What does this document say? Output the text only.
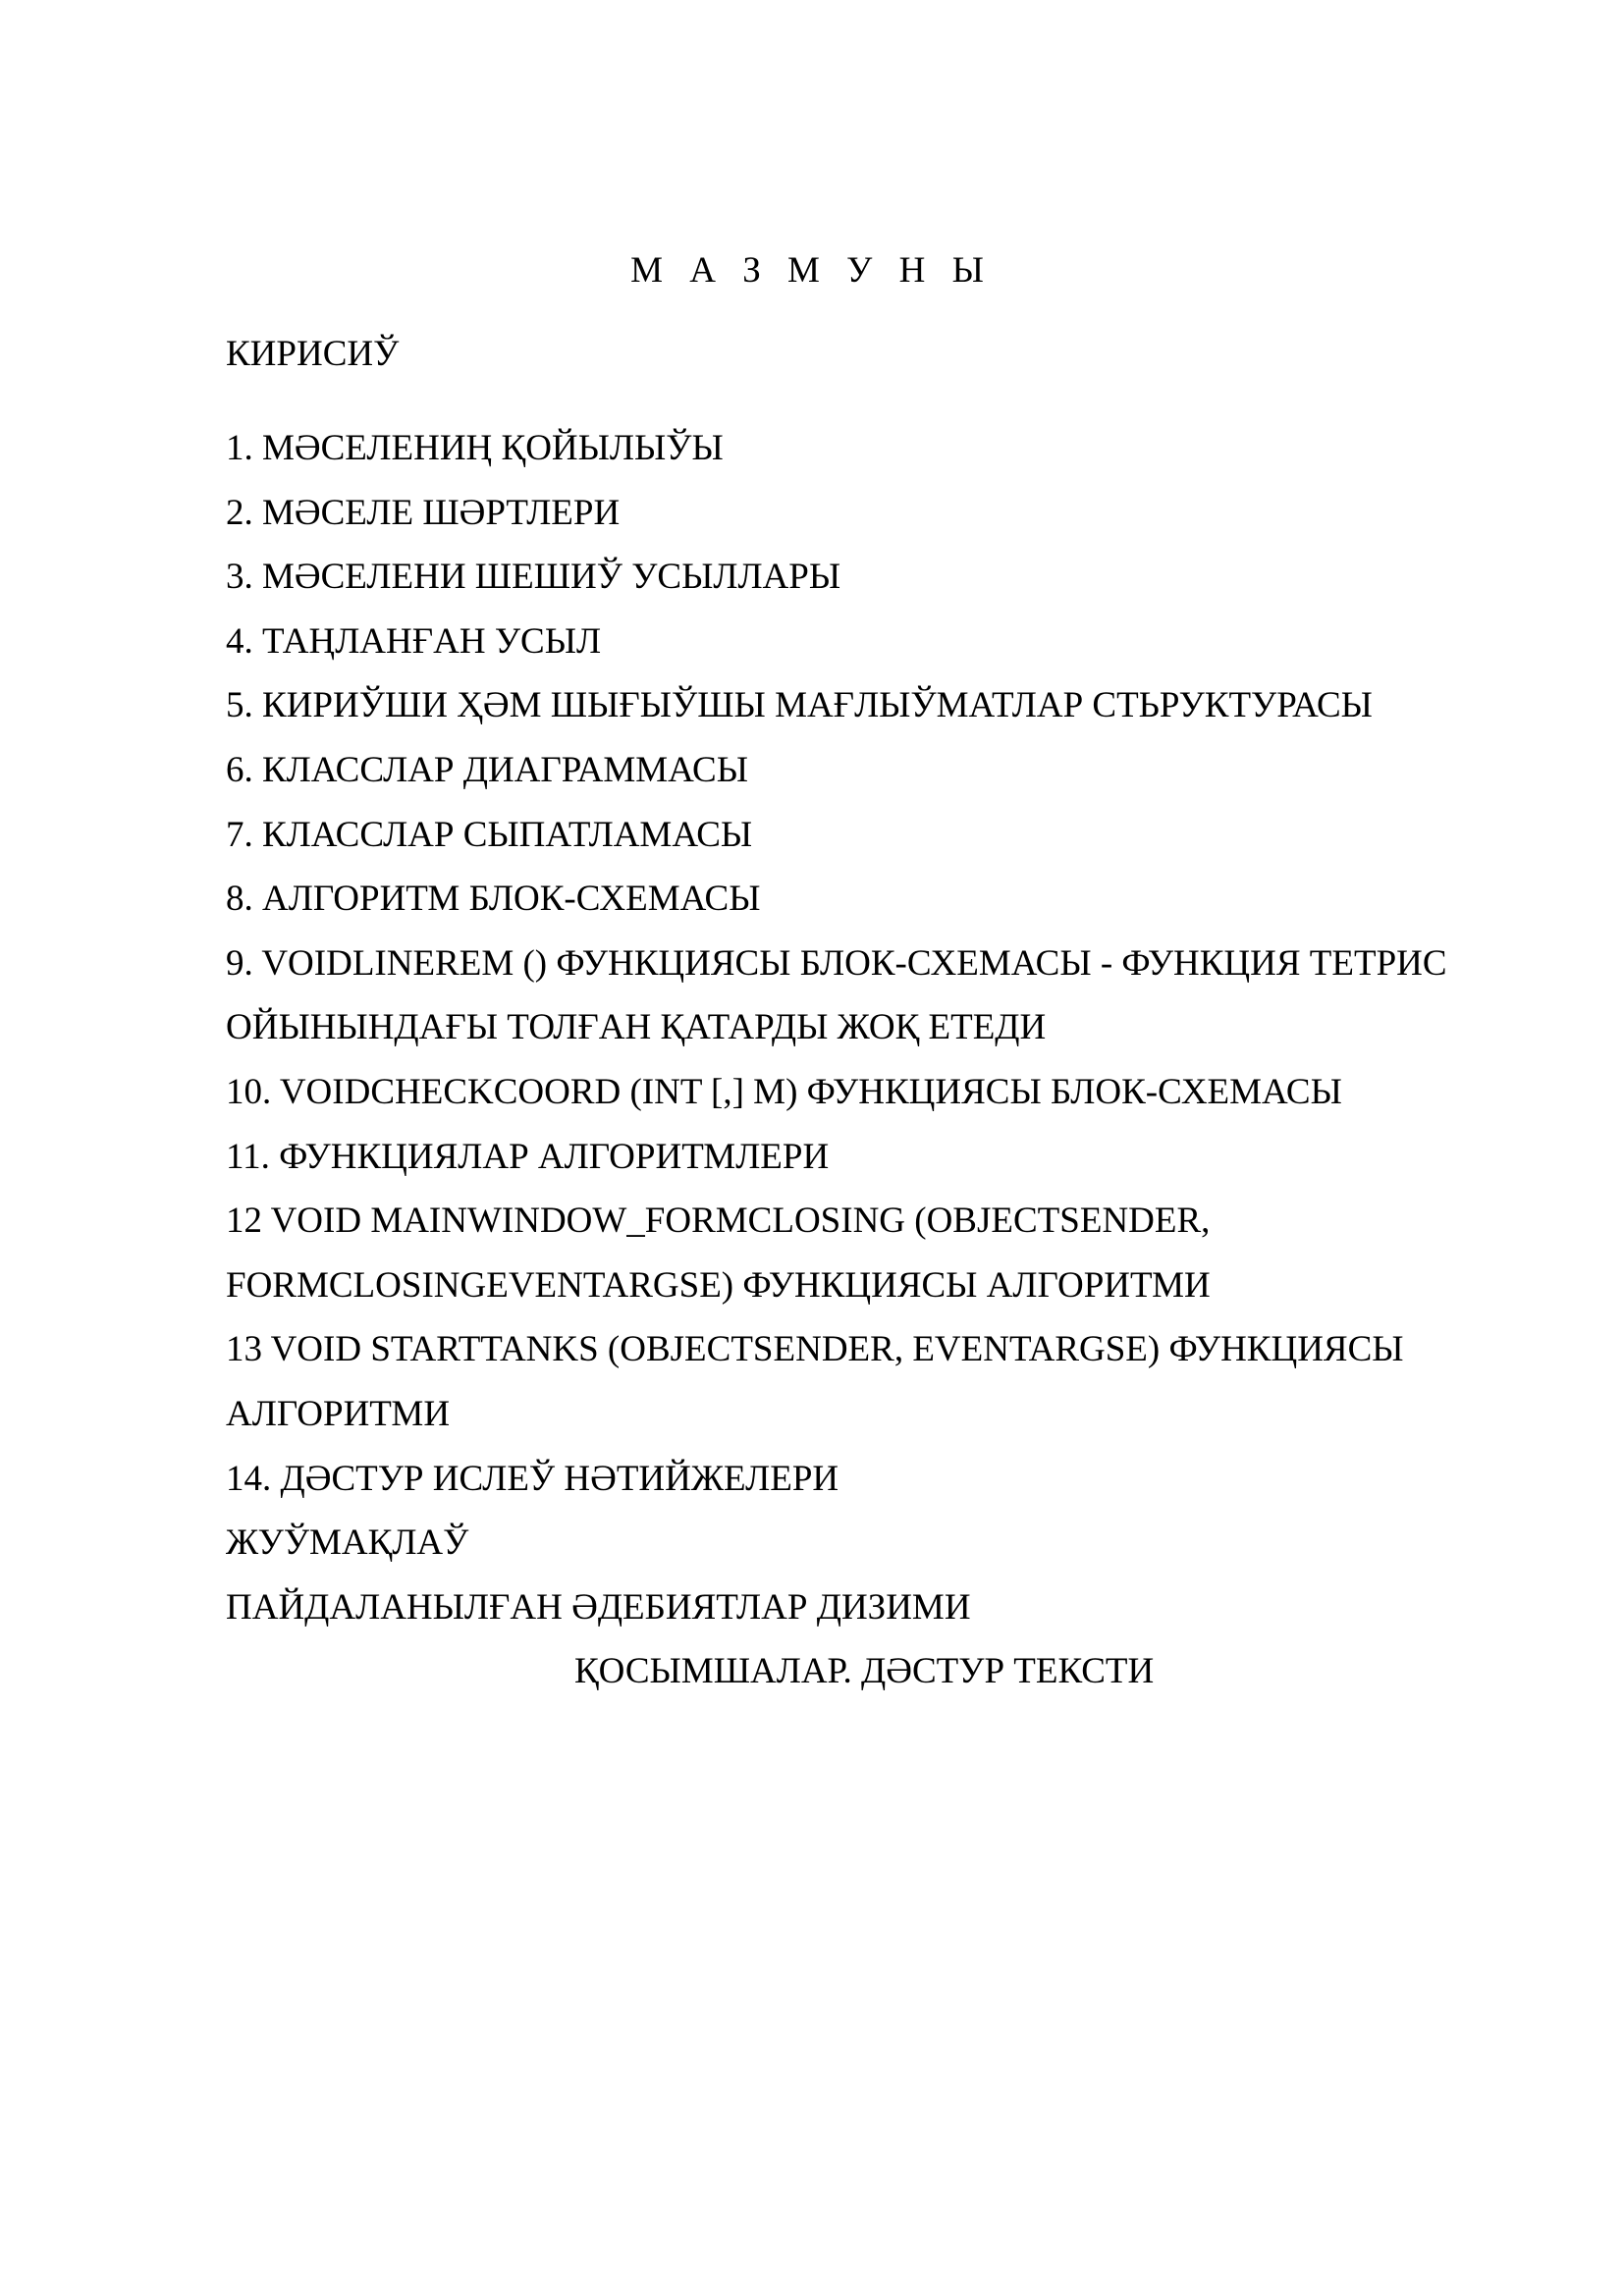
М А З М У Н Ы
КИРИСИЎ
1. МӘСЕЛЕНИҢ ҚОЙЫЛЫЎЫ
2. МӘСЕЛЕ ШӘРТЛЕРИ
3. МӘСЕЛЕНИ ШЕШИЎ УСЫЛЛАРЫ
4. ТАҢЛАНҒАН УСЫЛ
5. КИРИЎШИ ҲӘМ ШЫҒЫЎШЫ МАҒЛЫЎМАТЛАР СТЬРУКТУРАСЫ
6. КЛАССЛАР ДИАГРАММАСЫ
7. КЛАССЛАР СЫПАТЛАМАСЫ
8. АЛГОРИТМ БЛОК-СХЕМАСЫ
9. VOIDLINEREM () ФУНКЦИЯСЫ БЛОК-СХЕМАСЫ - ФУНКЦИЯ ТЕТРИС
ОЙЫНЫНДАҒЫ ТОЛҒАН ҚАТАРДЫ ЖОҚ ЕТЕДИ
10. VOIDCHECKCOORD (INT [,] M) ФУНКЦИЯСЫ БЛОК-СХЕМАСЫ
11. ФУНКЦИЯЛАР АЛГОРИТМЛЕРИ
12 VOID MAINWINDOW_FORMCLOSING (OBJECTSENDER,
FORMCLOSINGEVENTARGSE) ФУНКЦИЯСЫ АЛГОРИТМИ
13 VOID STARTTANKS (OBJECTSENDER, EVENTARGSE) ФУНКЦИЯСЫ
АЛГОРИТМИ
14. ДӘСТУР ИСЛЕЎ НӘТИЙЖЕЛЕРИ
ЖУЎМАҚЛАЎ
ПАЙДАЛАНЫЛҒАН ӘДЕБИЯТЛАР ДИЗИМИ
ҚОСЫМШАЛАР. ДӘСТУР ТЕКСТИ
